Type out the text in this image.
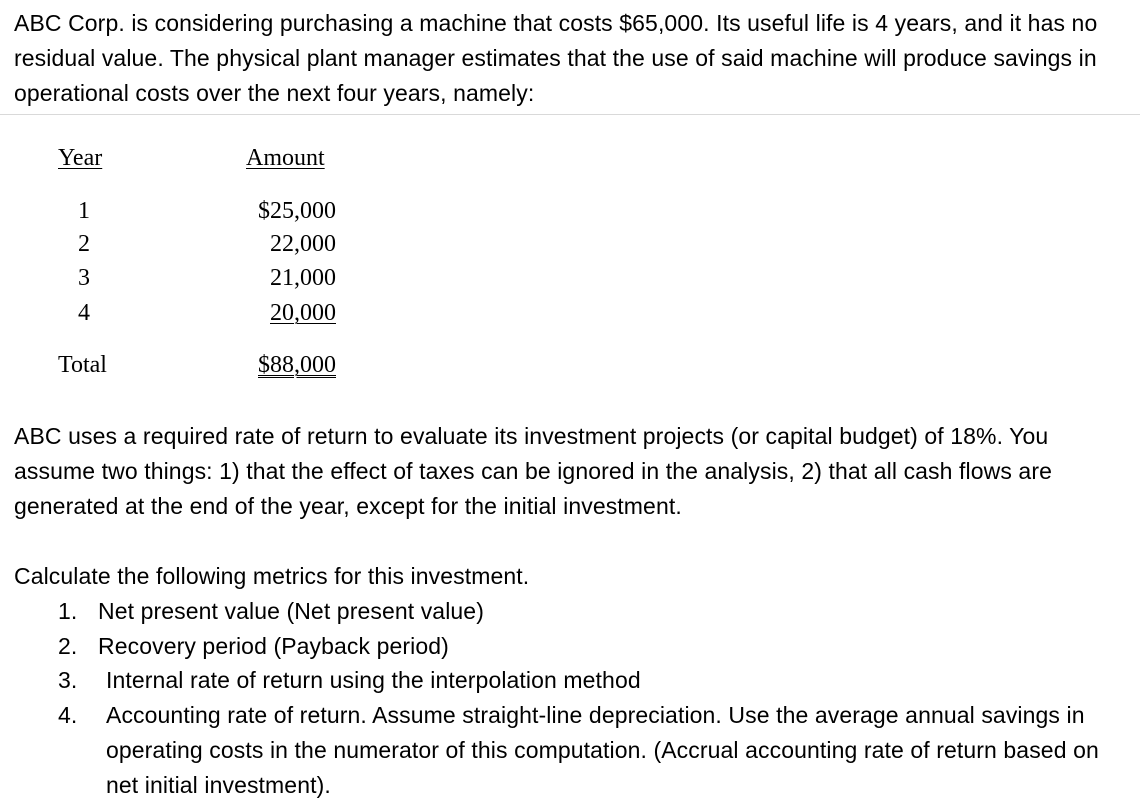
ABC Corp. is considering purchasing a machine that costs $65,000. Its useful life is 4 years, and it has no residual value. The physical plant manager estimates that the use of said machine will produce savings in operational costs over the next four years, namely:

Year	Amount
1	$25,000
2	22,000
3	21,000
4	20,000
Total	$88,000

ABC uses a required rate of return to evaluate its investment projects (or capital budget) of 18%. You assume two things: 1) that the effect of taxes can be ignored in the analysis, 2) that all cash flows are generated at the end of the year, except for the initial investment.

Calculate the following metrics for this investment.

1. Net present value (Net present value)

2. Recovery period (Payback period)

3. Internal rate of return using the interpolation method

4. Accounting rate of return. Assume straight-line depreciation. Use the average annual savings in operating costs in the numerator of this computation. (Accrual accounting rate of return based on net initial investment).
